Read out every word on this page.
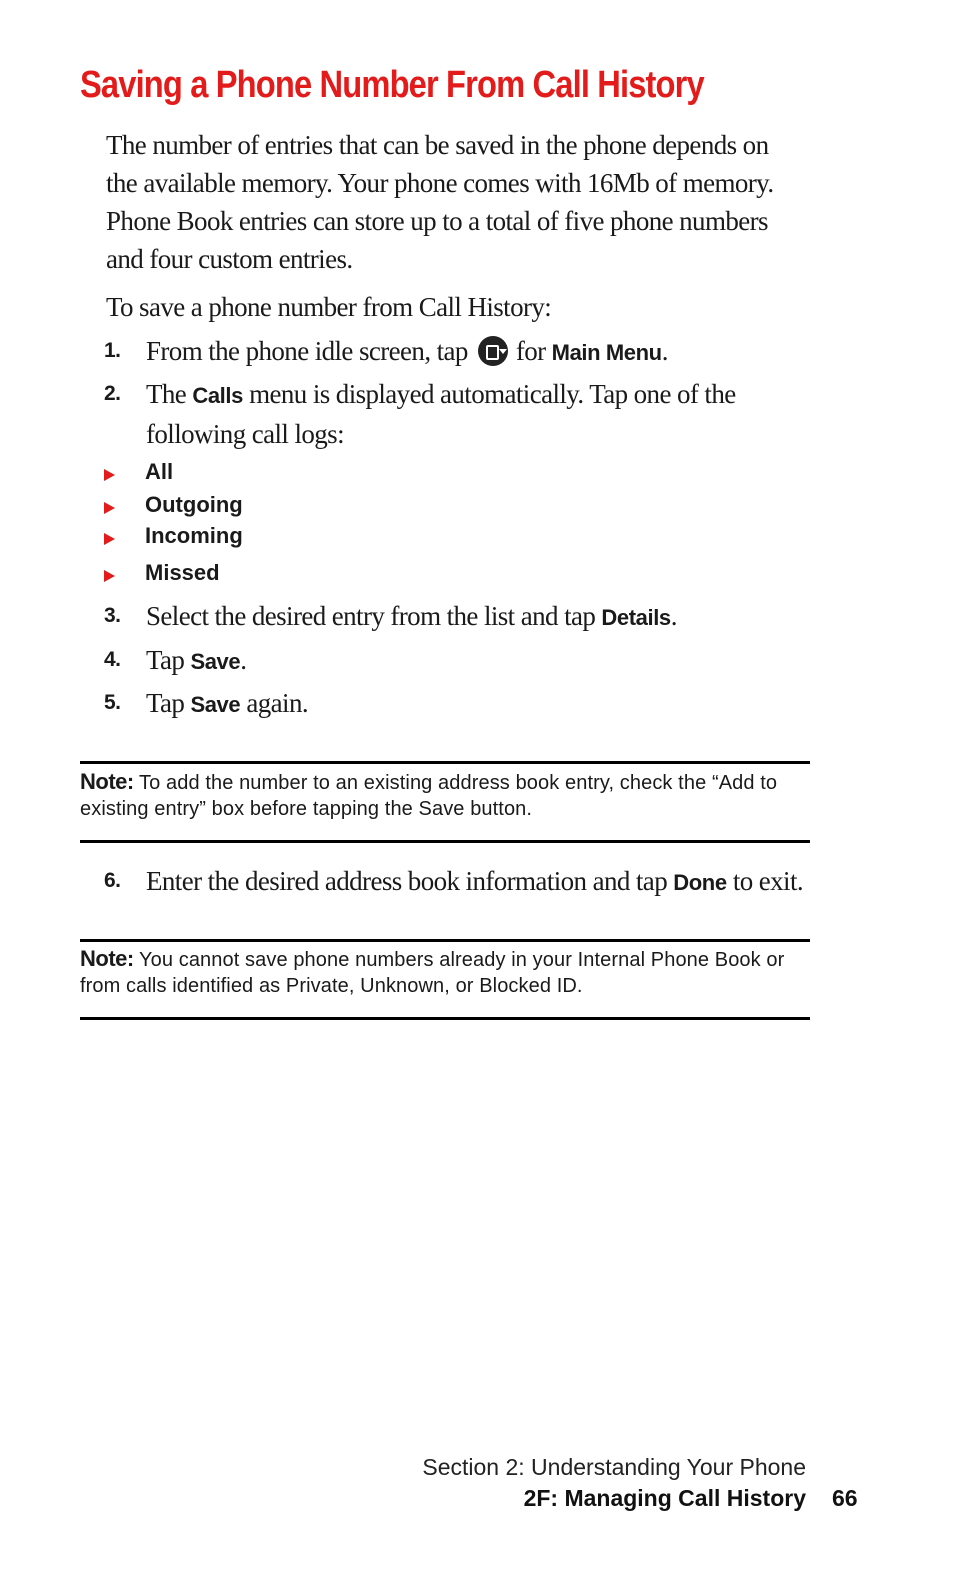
Saving a Phone Number From Call History

The number of entries that can be saved in the phone depends on the available memory. Your phone comes with 16Mb of memory. Phone Book entries can store up to a total of five phone numbers and four custom entries.

To save a phone number from Call History:

1. From the phone idle screen, tap for Main Menu.
2. The Calls menu is displayed automatically. Tap one of the following call logs:
All
Outgoing
Incoming
Missed
3. Select the desired entry from the list and tap Details.
4. Tap Save.
5. Tap Save again.
Note: To add the number to an existing address book entry, check the “Add to existing entry” box before tapping the Save button.
6. Enter the desired address book information and tap Done to exit.
Note: You cannot save phone numbers already in your Internal Phone Book or from calls identified as Private, Unknown, or Blocked ID.
Section 2: Understanding Your Phone
2F: Managing Call History 66
